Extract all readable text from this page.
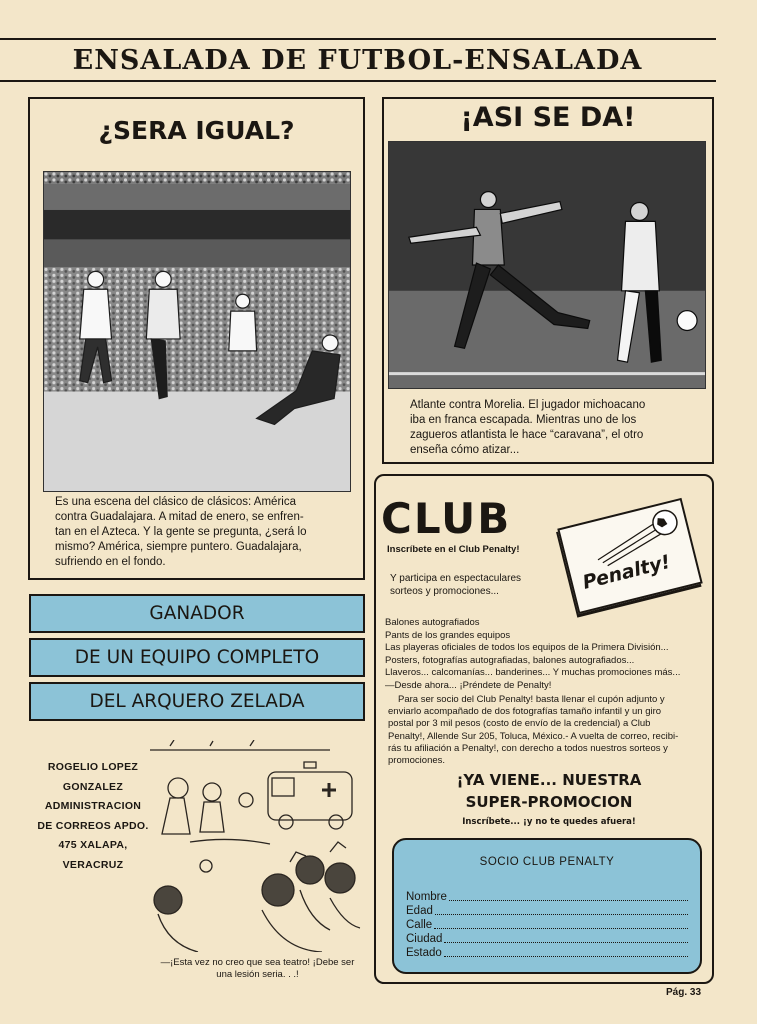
ENSALADA DE FUTBOL-ENSALADA
¿SERA IGUAL?
Es una escena del clásico de clásicos: América
contra Guadalajara. A mitad de enero, se enfren-
tan en el Azteca. Y la gente se pregunta, ¿será lo
mismo? América, siempre puntero. Guadalajara,
sufriendo en el fondo.
¡ASI SE DA!
Atlante contra Morelia. El jugador michoacano
iba en franca escapada. Mientras uno de los
zagueros atlantista le hace “caravana”, el otro
enseña cómo atizar...
GANADOR
DE UN EQUIPO COMPLETO
DEL ARQUERO ZELADA
ROGELIO LOPEZ
GONZALEZ
ADMINISTRACION
DE CORREOS APDO.
475 XALAPA,
VERACRUZ
—¡Esta vez no creo que sea teatro! ¡Debe ser
una lesión seria. . .!
CLUB
Inscríbete en el Club Penalty!
Penalty!
Y participa en espectaculares
sorteos y promociones...
Balones autografiados
Pants de los grandes equipos
Las playeras oficiales de todos los equipos de la Primera División...
Posters, fotografías autografiadas, balones autografiados...
Llaveros... calcomanías... banderines... Y muchas promociones más...
—Desde ahora... ¡Préndete de Penalty!
Para ser socio del Club Penalty! basta llenar el cupón adjunto y
enviarlo acompañado de dos fotografías tamaño infantil y un giro
postal por 3 mil pesos (costo de envío de la credencial) a Club
Penalty!, Allende Sur 205, Toluca, México.- A vuelta de correo, recibi-
rás tu afiliación a Penalty!, con derecho a todos nuestros sorteos y
promociones.
¡YA VIENE... NUESTRA
SUPER-PROMOCION
Inscríbete... ¡y no te quedes afuera!
SOCIO CLUB PENALTY
Nombre
Edad
Calle
Ciudad
Estado
Pág. 33
